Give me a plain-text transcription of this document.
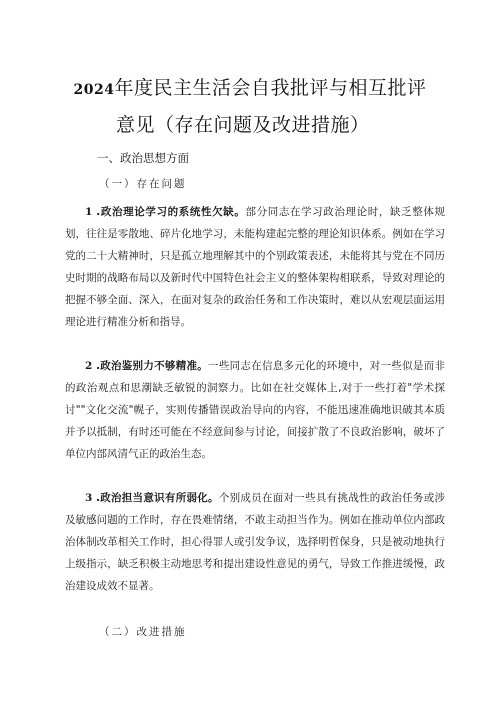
2024年度民主生活会自我批评与相互批评
意见（存在问题及改进措施）
一、政治思想方面
（一）存在问题
1 .政治理论学习的系统性欠缺。部分同志在学习政治理论时，缺乏整体规划，往往是零散地、碎片化地学习，未能构建起完整的理论知识体系。例如在学习党的二十大精神时，只是孤立地理解其中的个别政策表述，未能将其与党在不同历史时期的战略布局以及新时代中国特色社会主义的整体架构相联系，导致对理论的把握不够全面、深入，在面对复杂的政治任务和工作决策时，难以从宏观层面运用理论进行精准分析和指导。
2 .政治鉴别力不够精准。一些同志在信息多元化的环境中，对一些似是而非的政治观点和思潮缺乏敏锐的洞察力。比如在社交媒体上,对于一些打着"学术探讨""文化交流"幌子，实则传播错误政治导向的内容，不能迅速准确地识破其本质并予以抵制，有时还可能在不经意间参与讨论，间接扩散了不良政治影响，破坏了单位内部风清气正的政治生态。
3 .政治担当意识有所弱化。个别成员在面对一些具有挑战性的政治任务或涉及敏感问题的工作时，存在畏难情绪，不敢主动担当作为。例如在推动单位内部政治体制改革相关工作时，担心得罪人或引发争议，选择明哲保身，只是被动地执行上级指示，缺乏积极主动地思考和提出建设性意见的勇气，导致工作推进缓慢，政治建设成效不显著。
（二）改进措施
